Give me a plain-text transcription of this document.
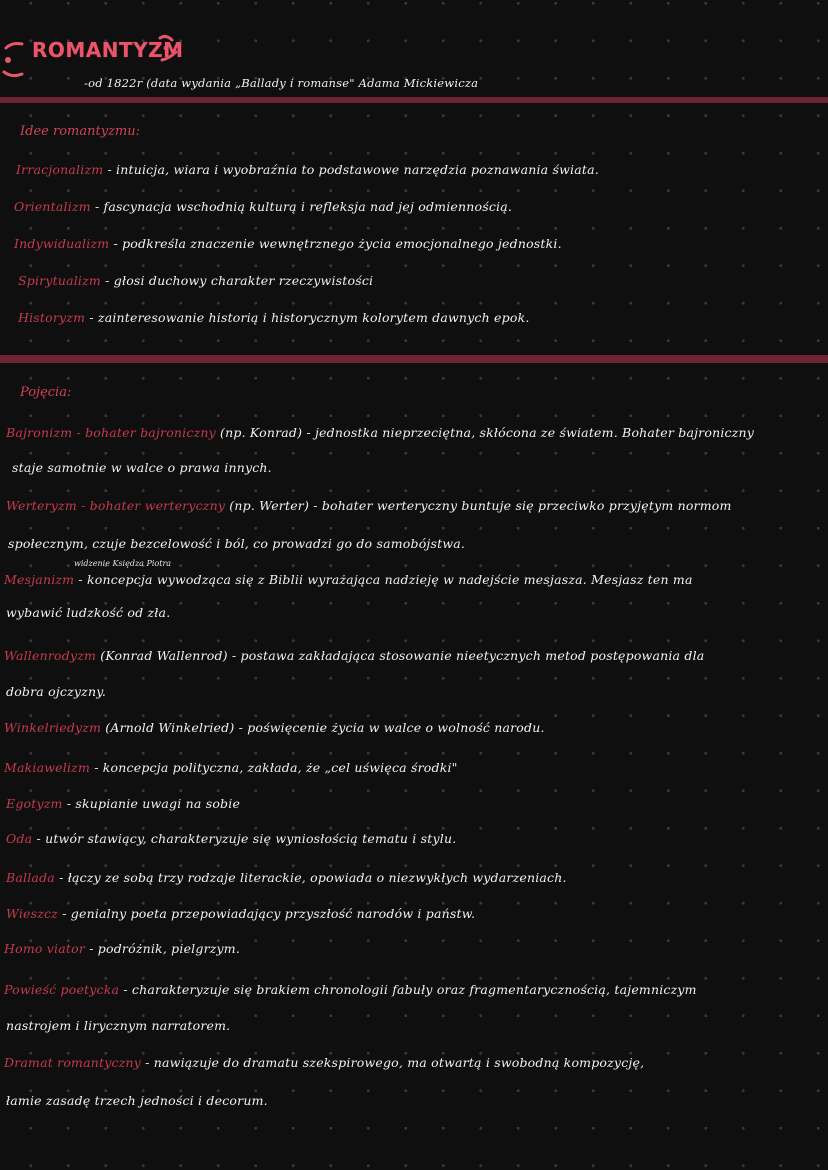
ROMANTYZM
-od 1822r (data wydania „Ballady i romanse" Adama Mickiewicza
Idee romantyzmu:
Irracjonalizm - intuicja, wiara i wyobraźnia to podstawowe narzędzia poznawania świata.
Orientalizm - fascynacja wschodnią kulturą i refleksja nad jej odmiennością.
Indywidualizm - podkreśla znaczenie wewnętrznego życia emocjonalnego jednostki.
Spirytualizm - głosi duchowy charakter rzeczywistości
Historyzm - zainteresowanie historią i historycznym kolorytem dawnych epok.
Pojęcia:
Bajronizm - bohater bajroniczny (np. Konrad) - jednostka nieprzeciętna, skłócona ze światem. Bohater bajroniczny
staje samotnie w walce o prawa innych.
Werteryzm - bohater werteryczny (np. Werter) - bohater werteryczny buntuje się przeciwko przyjętym normom
społecznym, czuje bezcelowość i ból, co prowadzi go do samobójstwa.
widzenie Księdza Piotra
Mesjanizm - koncepcja wywodząca się z Biblii wyrażająca nadzieję w nadejście mesjasza. Mesjasz ten ma
wybawić ludzkość od zła.
Wallenrodyzm (Konrad Wallenrod) - postawa zakładająca stosowanie nieetycznych metod postępowania dla
dobra ojczyzny.
Winkelriedyzm (Arnold Winkelried) - poświęcenie życia w walce o wolność narodu.
Makiawelizm - koncepcja polityczna, zakłada, że „cel uświęca środki"
Egotyzm - skupianie uwagi na sobie
Oda - utwór stawiący, charakteryzuje się wyniosłością tematu i stylu.
Ballada - łączy ze sobą trzy rodzaje literackie, opowiada o niezwykłych wydarzeniach.
Wieszcz - genialny poeta przepowiadający przyszłość narodów i państw.
Homo viator - podróżnik, pielgrzym.
Powieść poetycka - charakteryzuje się brakiem chronologii fabuły oraz fragmentarycznością, tajemniczym
nastrojem i lirycznym narratorem.
Dramat romantyczny - nawiązuje do dramatu szekspirowego, ma otwartą i swobodną kompozycję,
łamie zasadę trzech jedności i decorum.
